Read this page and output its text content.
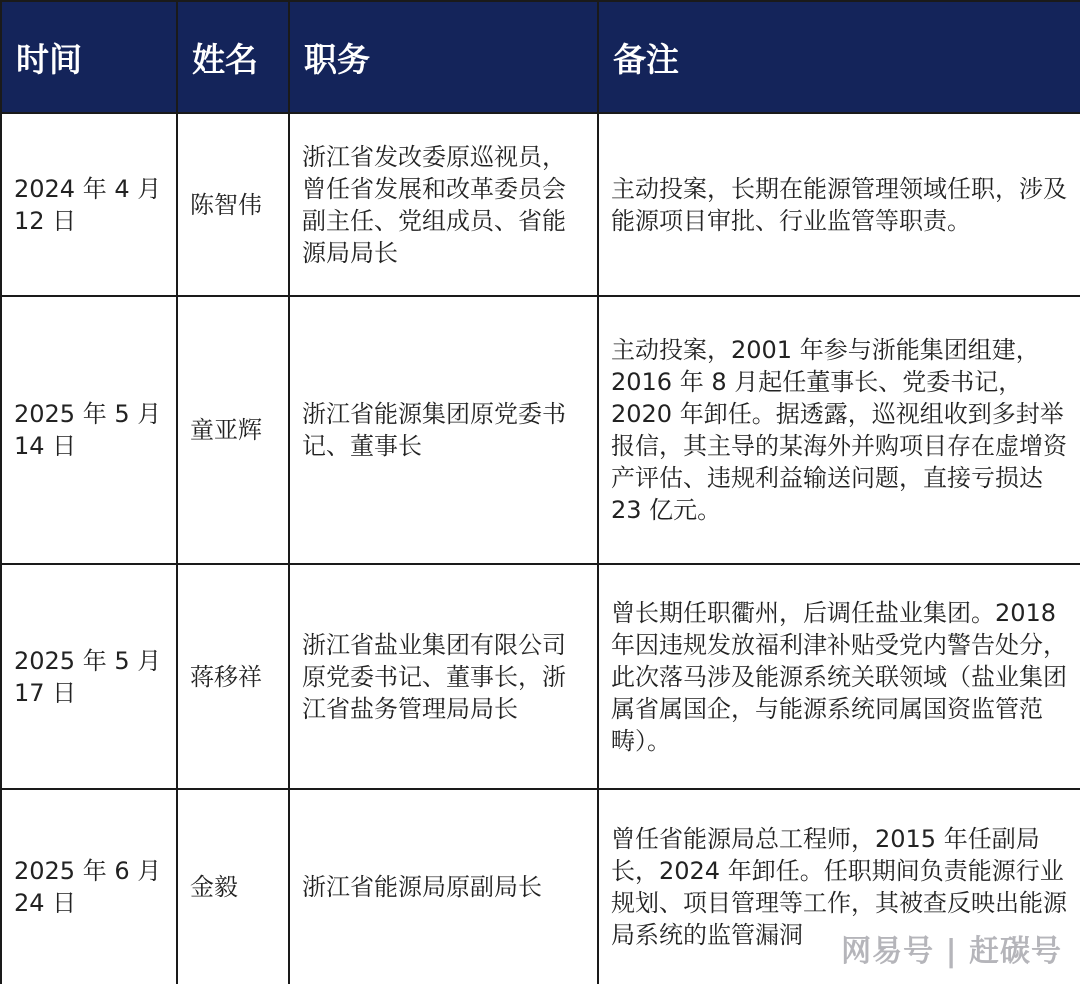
时间	姓名	职务	备注
2024 年 4 月 12 日	陈智伟	浙江省发改委原巡视员，曾任省发展和改革委员会副主任、党组成员、省能源局局长	主动投案，长期在能源管理领域任职，涉及能源项目审批、行业监管等职责。
2025 年 5 月 14 日	童亚辉	浙江省能源集团原党委书记、董事长	主动投案，2001 年参与浙能集团组建，2016 年 8 月起任董事长、党委书记，2020 年卸任。据透露，巡视组收到多封举报信，其主导的某海外并购项目存在虚增资产评估、违规利益输送问题，直接亏损达 23 亿元。
2025 年 5 月 17 日	蒋移祥	浙江省盐业集团有限公司原党委书记、董事长，浙江省盐务管理局局长	曾长期任职衢州，后调任盐业集团。2018 年因违规发放福利津补贴受党内警告处分，此次落马涉及能源系统关联领域（盐业集团属省属国企，与能源系统同属国资监管范畴）。
2025 年 6 月 24 日	金毅	浙江省能源局原副局长	曾任省能源局总工程师，2015 年任副局长，2024 年卸任。任职期间负责能源行业规划、项目管理等工作，其被查反映出能源局系统的监管漏洞 网易号 | 赶碳号
